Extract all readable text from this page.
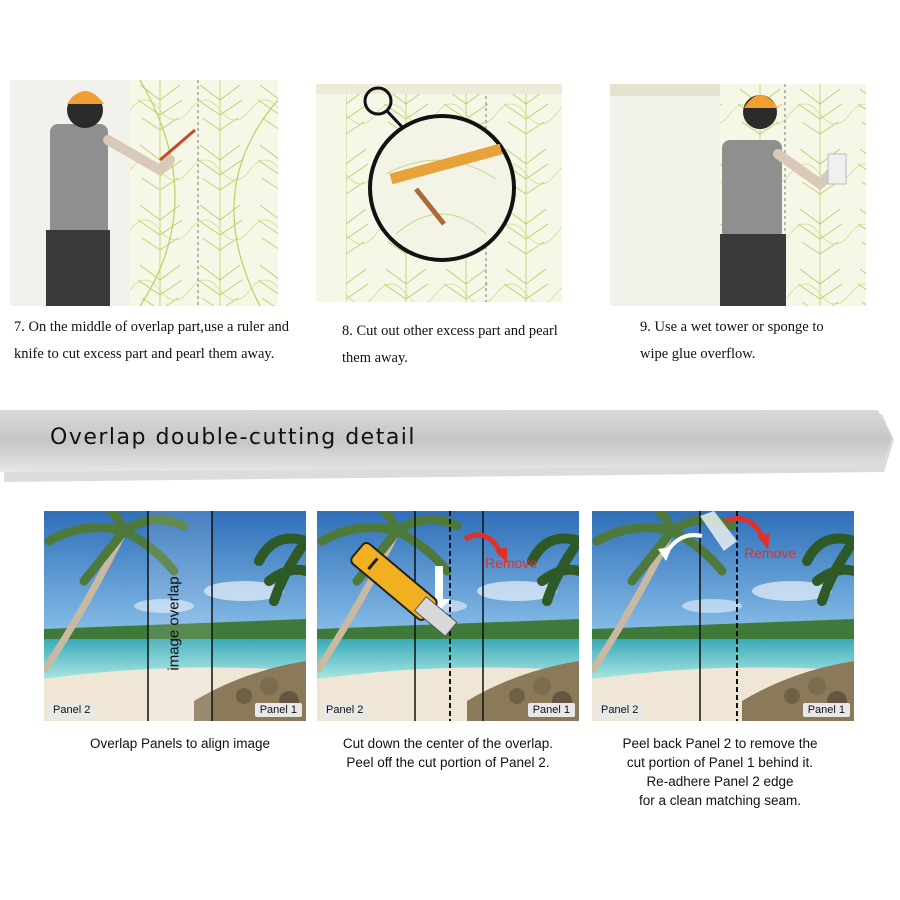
7. On the middle of overlap part,use a ruler and
knife to cut excess part and pearl them away.
8. Cut out other excess part and pearl
them away.
9. Use a wet tower or sponge to
wipe glue overflow.
Overlap double-cutting detail
image overlap
Panel 2	Panel 1
Overlap Panels to align image
Remove
Panel 2	Panel 1
Cut down the center of the overlap.
Peel off the cut portion of Panel 2.
Remove
Panel 2	Panel 1
Peel back Panel 2 to remove the
cut portion of Panel 1 behind it.
Re-adhere Panel 2 edge
for a clean matching seam.
